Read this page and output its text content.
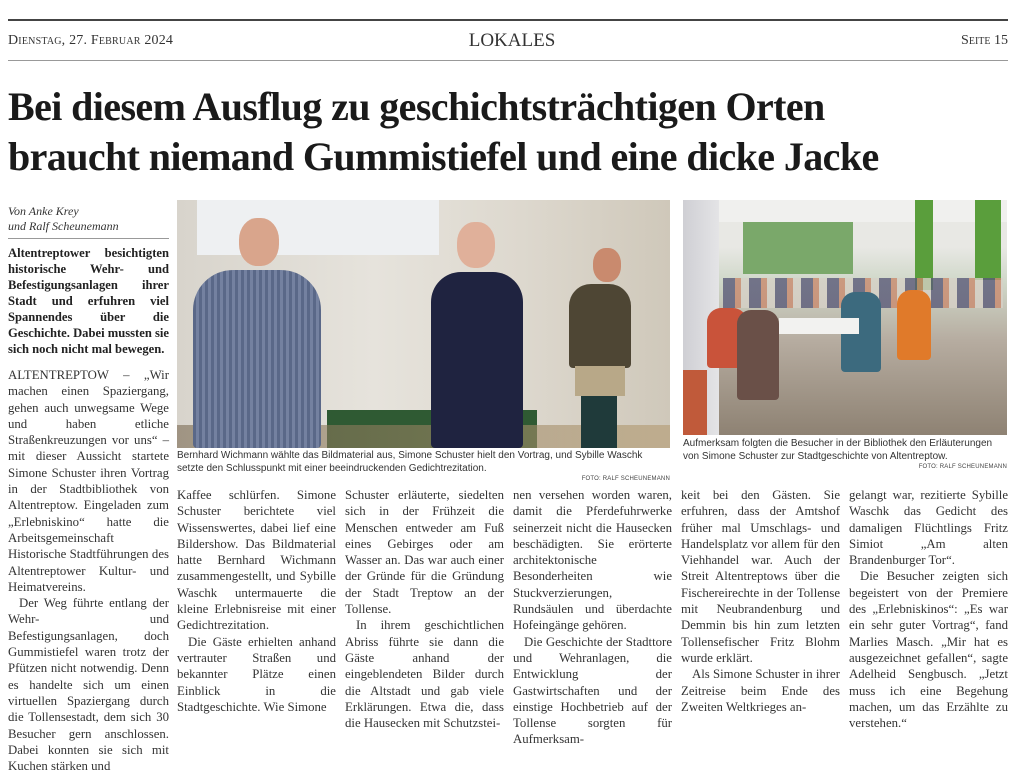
Dienstag, 27. Februar 2024	LOKALES	Seite 15
Bei diesem Ausflug zu geschichtsträchtigen Orten
braucht niemand Gummistiefel und eine dicke Jacke
Von Anke Krey
und Ralf Scheunemann
Altentreptower besichtigten historische Wehr- und Befestigungsanlagen ihrer Stadt und erfuhren viel Spannendes über die Geschichte. Dabei mussten sie sich noch nicht mal bewegen.

ALTENTREPTOW – „Wir machen einen Spaziergang, gehen auch unwegsame Wege und haben etliche Straßenkreuzungen vor uns“ – mit dieser Aussicht startete Simone Schuster ihren Vortrag in der Stadtbibliothek von Altentreptow. Eingeladen zum „Erlebniskino“ hatte die Arbeitsgemeinschaft Historische Stadtführungen des Altentreptower Kultur- und Heimatvereins.

Der Weg führte entlang der Wehr- und Befestigungsanlagen, doch Gummistiefel waren trotz der Pfützen nicht notwendig. Denn es handelte sich um einen virtuellen Spaziergang durch die Tollensestadt, dem sich 30 Besucher gern anschlossen. Dabei konnten sie sich mit Kuchen stärken und

Bernhard Wichmann wählte das Bildmaterial aus, Simone Schuster hielt den Vortrag, und Sybille Waschk setzte den Schlusspunkt mit einer beeindruckenden Gedichtrezitation.
FOTO: RALF SCHEUNEMANN
Aufmerksam folgten die Besucher in der Bibliothek den Erläuterungen von Simone Schuster zur Stadtgeschichte von Altentreptow.
FOTO: RALF SCHEUNEMANN

Kaffee schlürfen. Simone Schuster berichtete viel Wissenswertes, dabei lief eine Bildershow. Das Bildmaterial hatte Bernhard Wichmann zusammengestellt, und Sybille Waschk untermauerte die kleine Erlebnisreise mit einer Gedichtrezitation.

Die Gäste erhielten anhand vertrauter Straßen und bekannter Plätze einen Einblick in die Stadtgeschichte. Wie Simone

Schuster erläuterte, siedelten sich in der Frühzeit die Menschen entweder am Fuß eines Gebirges oder am Wasser an. Das war auch einer der Gründe für die Gründung der Stadt Treptow an der Tollense.

In ihrem geschichtlichen Abriss führte sie dann die Gäste anhand der eingeblendeten Bilder durch die Altstadt und gab viele Erklärungen. Etwa die, dass die Hausecken mit Schutzstei-

nen versehen worden waren, damit die Pferdefuhrwerke seinerzeit nicht die Hausecken beschädigten. Sie erörterte architektonische Besonderheiten wie Stuckverzierungen, Rundsäulen und überdachte Hofeingänge gehören.

Die Geschichte der Stadttore und Wehranlagen, die Entwicklung der Gastwirtschaften und der einstige Hochbetrieb auf der Tollense sorgten für Aufmerksam-

keit bei den Gästen. Sie erfuhren, dass der Amtshof früher mal Umschlags- und Handelsplatz vor allem für den Viehhandel war. Auch der Streit Altentreptows über die Fischereirechte in der Tollense mit Neubrandenburg und Demmin bis hin zum letzten Tollensefischer Fritz Blohm wurde erklärt.

Als Simone Schuster in ihrer Zeitreise beim Ende des Zweiten Weltkrieges an-

gelangt war, rezitierte Sybille Waschk das Gedicht des damaligen Flüchtlings Fritz Simiot „Am alten Brandenburger Tor“.

Die Besucher zeigten sich begeistert von der Premiere des „Erlebniskinos“: „Es war ein sehr guter Vortrag“, fand Marlies Masch. „Mir hat es ausgezeichnet gefallen“, sagte Adelheid Sengbusch. „Jetzt muss ich eine Begehung machen, um das Erzählte zu verstehen.“
